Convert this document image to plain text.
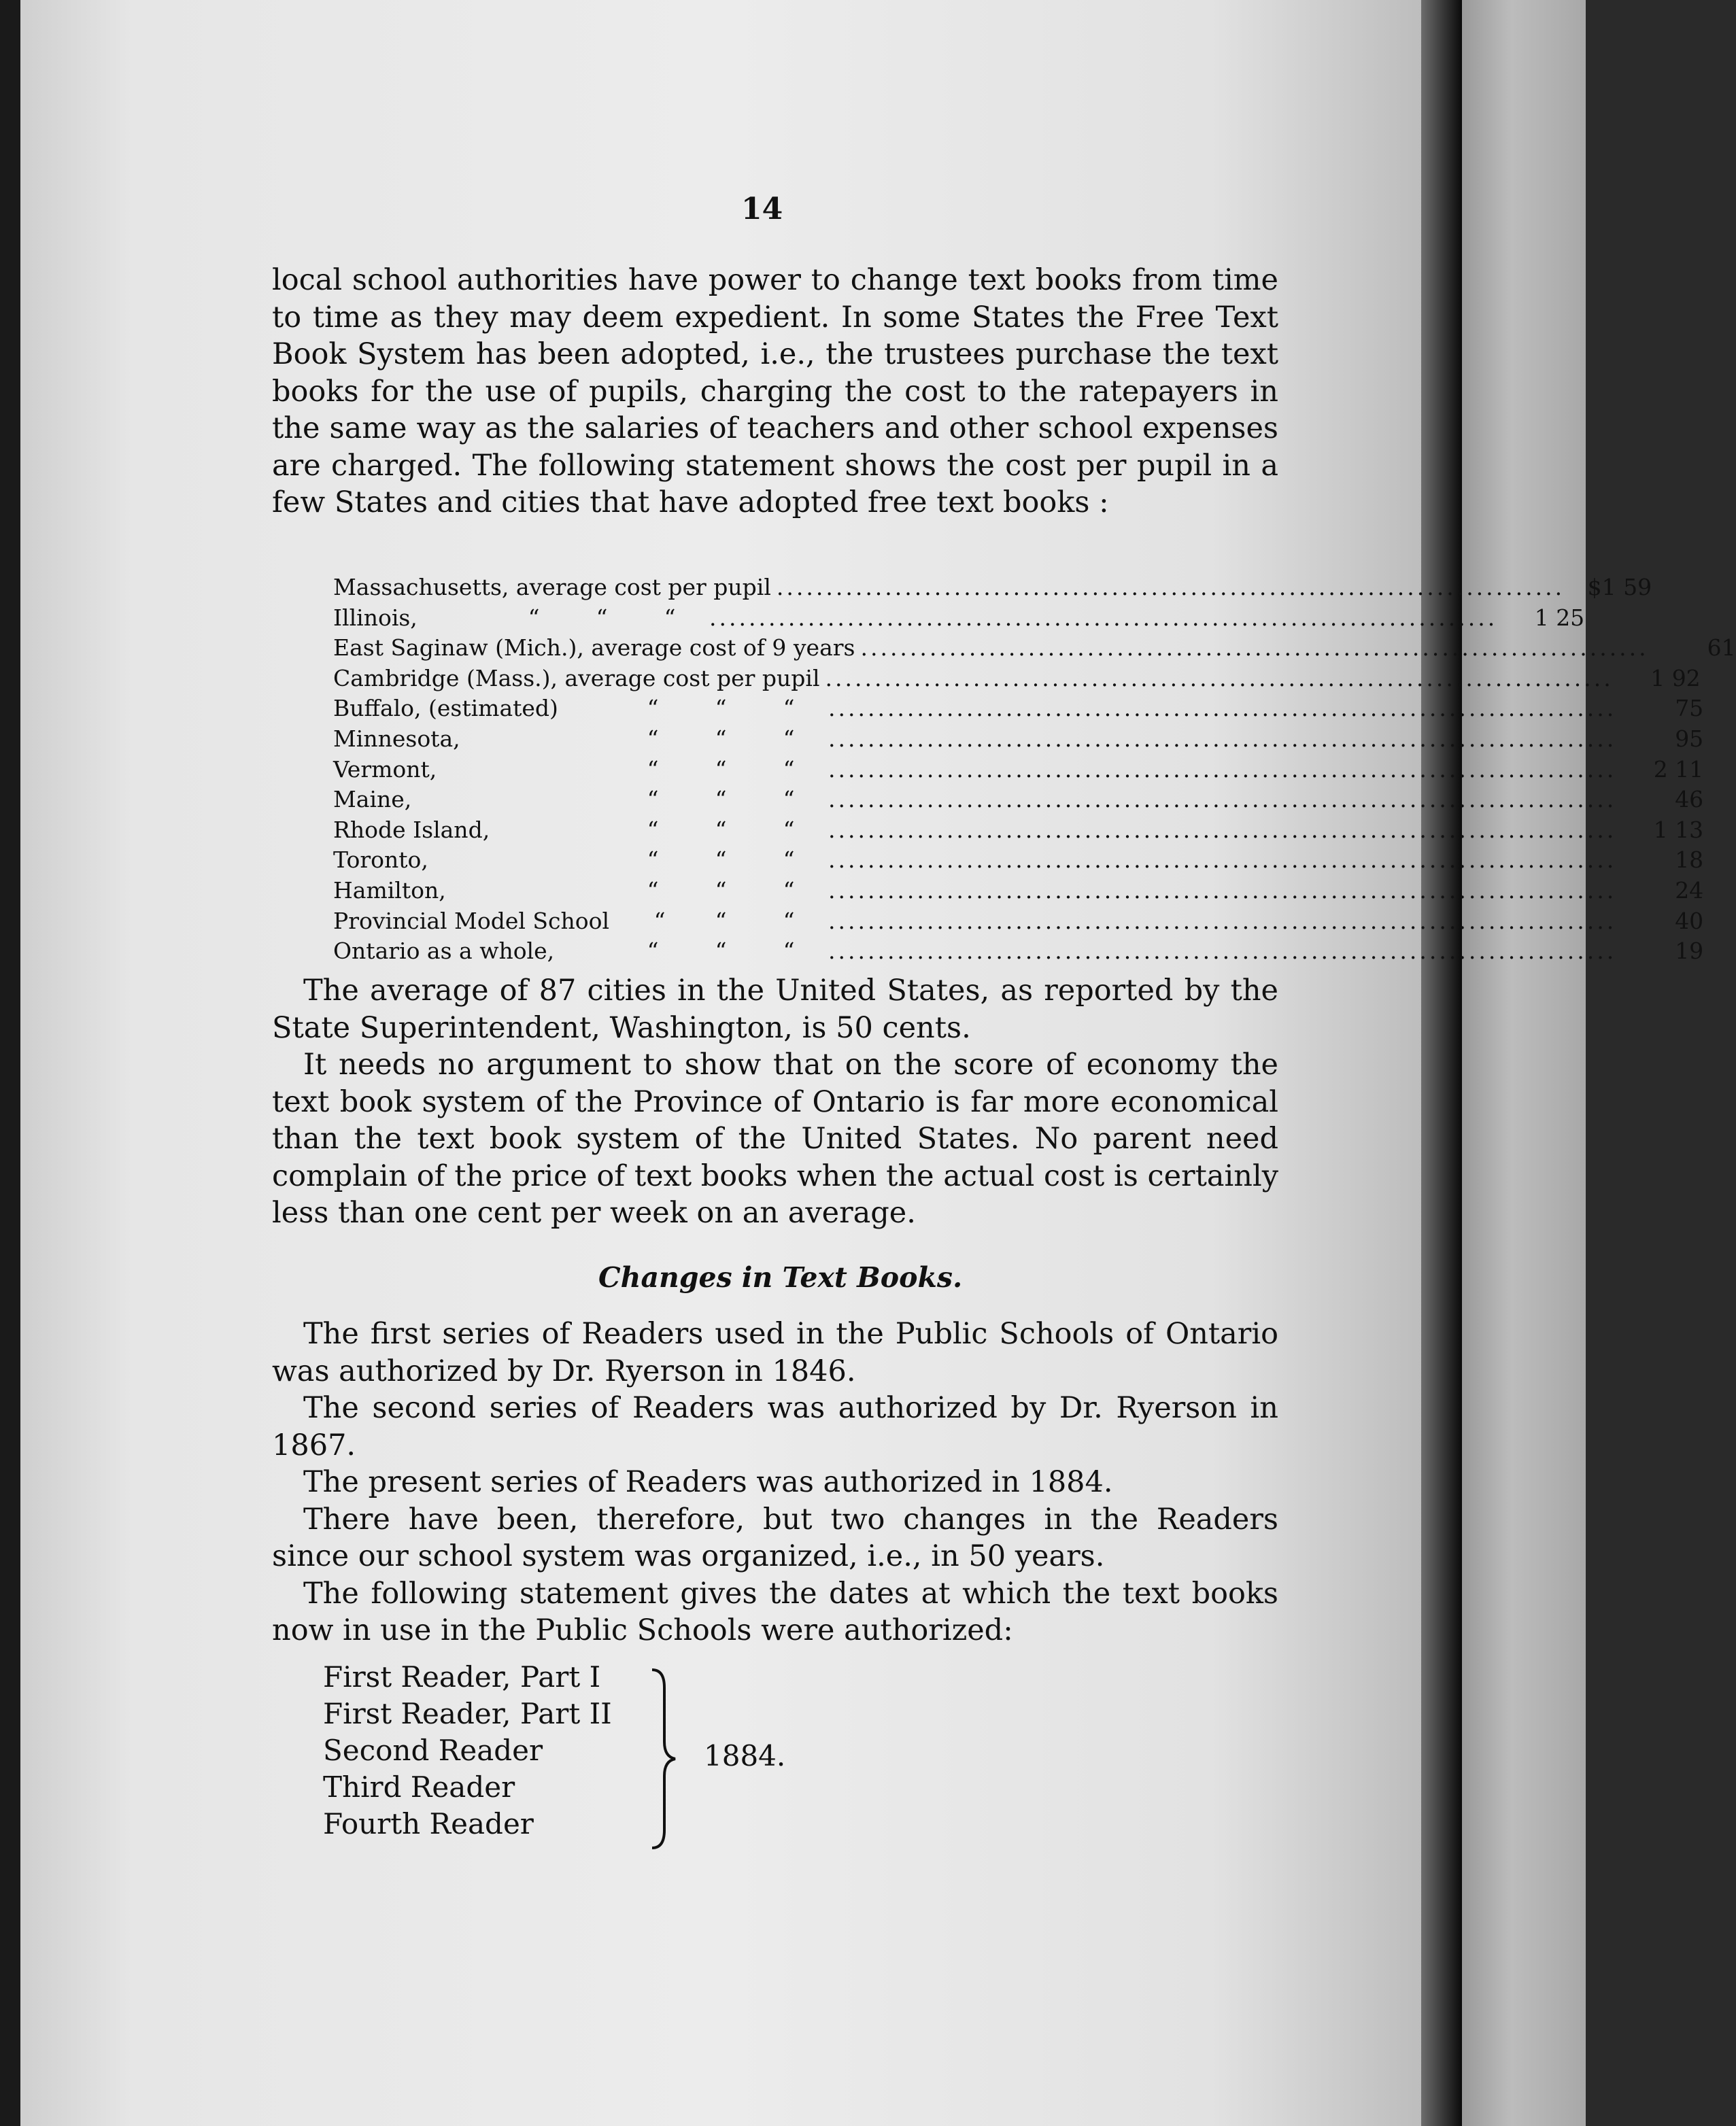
14

local school authorities have power to change text books from time to time as they may deem expedient. In some States the Free Text Book System has been adopted, i.e., the trustees purchase the text books for the use of pupils, charging the cost to the ratepayers in the same way as the salaries of teachers and other school expenses are charged. The following statement shows the cost per pupil in a few States and cities that have adopted free text books :

Massachusetts, average cost per pupil ................................................................................	$1 59
Illinois,	“	“	“	................................................................................	1 25
East Saginaw (Mich.), average cost of 9 years ................................................................................	61
Cambridge (Mass.), average cost per pupil ................................................................................	1 92
Buffalo, (estimated)	“	“	“	................................................................................	75
Minnesota,	“	“	“	................................................................................	95
Vermont,	“	“	“	................................................................................	2 11
Maine,	“	“	“	................................................................................	46
Rhode Island,	“	“	“	................................................................................	1 13
Toronto,	“	“	“	................................................................................	18
Hamilton,	“	“	“	................................................................................	24
Provincial Model School	“	“	“	................................................................................	40
Ontario as a whole,	“	“	“	................................................................................	19

The average of 87 cities in the United States, as reported by the State Superintendent, Washington, is 50 cents.

It needs no argument to show that on the score of economy the text book system of the Province of Ontario is far more economical than the text book system of the United States. No parent need complain of the price of text books when the actual cost is certainly less than one cent per week on an average.

Changes in Text Books.

The first series of Readers used in the Public Schools of Ontario was authorized by Dr. Ryerson in 1846.

The second series of Readers was authorized by Dr. Ryerson in 1867.

The present series of Readers was authorized in 1884.

There have been, therefore, but two changes in the Readers since our school system was organized, i.e., in 50 years.

The following statement gives the dates at which the text books now in use in the Public Schools were authorized:

First Reader, Part I
First Reader, Part II
Second Reader
Third Reader
Fourth Reader
1884.
